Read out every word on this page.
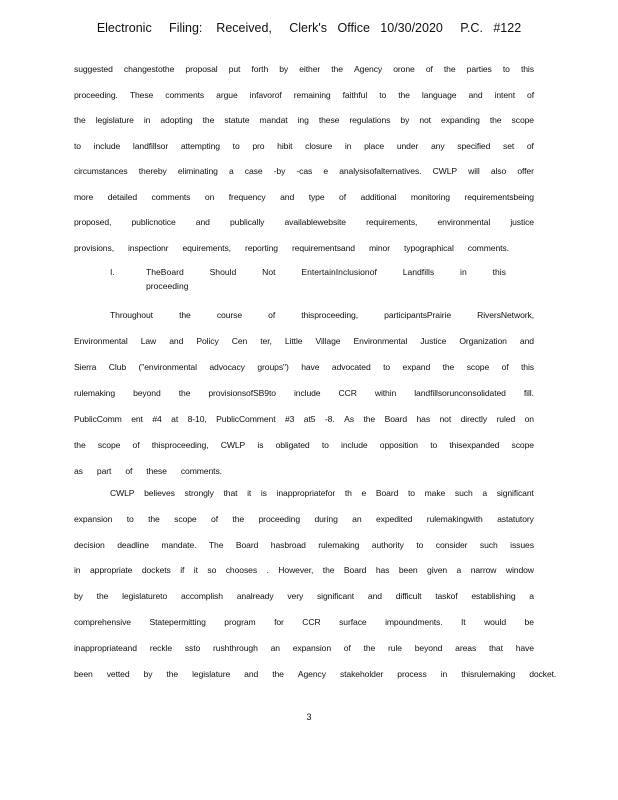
Electronic     Filing:    Received,     Clerk's   Office   10/30/2020     P.C.   #122
suggested changestothe proposal put forth by either the Agency orone of the parties to this
proceeding. These comments argue infavorof remaining faithful to the language and intent of
the legislature in adopting the statute mandat ing these regulations by not expanding the scope
to include landfillsor attempting to pro hibit closure in place under any specified set of
circumstances thereby eliminating a case -by -cas e analysisofalternatives. CWLP will also offer
more detailed comments on frequency and type of additional monitoring requirementsbeing
proposed, publicnotice and publically availablewebsite requirements, environmental justice
provisions, inspectionr equirements, reporting requirementsand minor typographical comments.
I.	TheBoard	Should	Not	EntertainInclusionof	Landfills	in	this
proceeding
Throughout	the	course	of	thisproceeding,	participantsPrairie	RiversNetwork,
Environmental Law and Policy Cen ter, Little Village Environmental Justice Organization and
Sierra Club ("environmental advocacy groups") have advocated to expand the scope of this
rulemaking beyond the provisionsofSB9to include CCR within landfillsorunconsolidated fill.
PublicComm ent #4 at 8-10, PublicComment #3 at5 -8. As the Board has not directly ruled on
the scope of thisproceeding, CWLP is obligated to include opposition to thisexpanded scope
as part of these comments.
CWLP believes strongly that it is inappropriatefor th e Board to make such a significant
expansion to the scope of the proceeding during an expedited rulemakingwith astatutory
decision deadline mandate. The Board hasbroad rulemaking authority to consider such issues
in appropriate dockets if it so chooses . However, the Board has been given a narrow window
by the legislatureto accomplish analready very significant and difficult taskof establishing a
comprehensive Statepermitting program for CCR surface impoundments. It would be
inappropriateand reckle ssto rushthrough an expansion of the rule beyond areas that have
been vetted by the legislature and the Agency stakeholder process in thisrulemaking docket.
3
